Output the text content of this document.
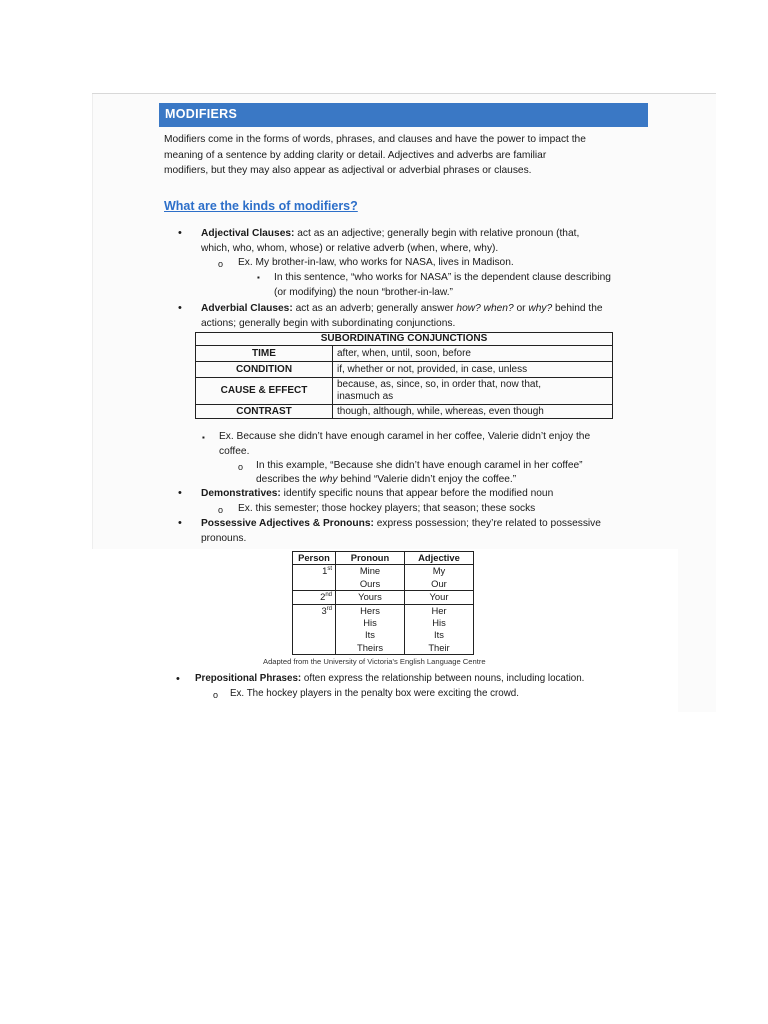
MODIFIERS
Modifiers come in the forms of words, phrases, and clauses and have the power to impact the
meaning of a sentence by adding clarity or detail. Adjectives and adverbs are familiar
modifiers, but they may also appear as adjectival or adverbial phrases or clauses.
What are the kinds of modifiers?
• Adjectival Clauses: act as an adjective; generally begin with relative pronoun (that,
which, who, whom, whose) or relative adverb (when, where, why).
o Ex. My brother-in-law, who works for NASA, lives in Madison.
▪ In this sentence, “who works for NASA” is the dependent clause describing
(or modifying) the noun “brother-in-law.”
• Adverbial Clauses: act as an adverb; generally answer how? when? or why? behind the
actions; generally begin with subordinating conjunctions.
SUBORDINATING CONJUNCTIONS	
TIME	after, when, until, soon, before
CONDITION	if, whether or not, provided, in case, unless
CAUSE & EFFECT	because, as, since, so, in order that, now that,
inasmuch as

CONTRAST	though, although, while, whereas, even though
▪ Ex. Because she didn’t have enough caramel in her coffee, Valerie didn’t enjoy the
coffee.
o In this example, “Because she didn’t have enough caramel in her coffee”
describes the why behind “Valerie didn’t enjoy the coffee.”
• Demonstratives: identify specific nouns that appear before the modified noun
o Ex. this semester; those hockey players; that season; these socks
• Possessive Adjectives & Pronouns: express possession; they’re related to possessive
pronouns.
Person	Pronoun	Adjective
1st	Mine	My
	Ours	Our
2nd	Yours	Your
3rd	Hers	Her
	His	His
	Its	Its
	Theirs	Their
Adapted from the University of Victoria’s English Language Centre
• Prepositional Phrases: often express the relationship between nouns, including location.
o Ex. The hockey players in the penalty box were exciting the crowd.
